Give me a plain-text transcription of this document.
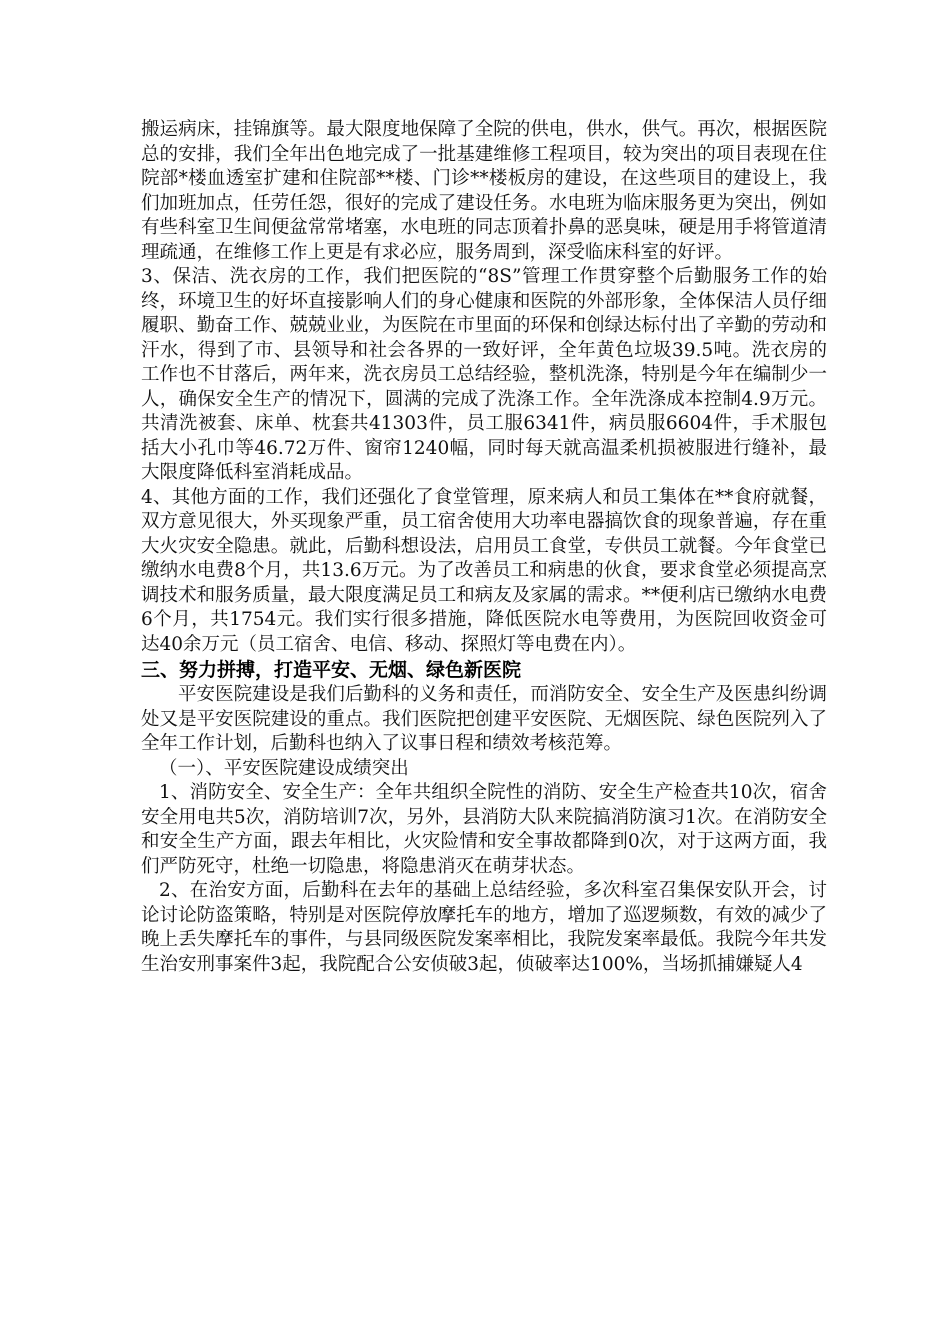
搬运病床，挂锦旗等。最大限度地保障了全院的供电，供水，供气。再次，根据医院总的安排，我们全年出色地完成了一批基建维修工程项目，较为突出的项目表现在住院部*楼血透室扩建和住院部**楼、门诊**楼板房的建设，在这些项目的建设上，我们加班加点，任劳任怨，很好的完成了建设任务。水电班为临床服务更为突出，例如有些科室卫生间便盆常常堵塞，水电班的同志顶着扑鼻的恶臭味，硬是用手将管道清理疏通，在维修工作上更是有求必应，服务周到，深受临床科室的好评。

3、保洁、洗衣房的工作，我们把医院的“8S”管理工作贯穿整个后勤服务工作的始终，环境卫生的好坏直接影响人们的身心健康和医院的外部形象，全体保洁人员仔细履职、勤奋工作、兢兢业业，为医院在市里面的环保和创绿达标付出了辛勤的劳动和汗水，得到了市、县领导和社会各界的一致好评，全年黄色垃圾39.5吨。洗衣房的工作也不甘落后，两年来，洗衣房员工总结经验，整机洗涤，特别是今年在编制少一人，确保安全生产的情况下，圆满的完成了洗涤工作。全年洗涤成本控制4.9万元。共清洗被套、床单、枕套共41303件，员工服6341件，病员服6604件，手术服包括大小孔巾等46.72万件、窗帘1240幅，同时每天就高温柔机损被服进行缝补，最大限度降低科室消耗成品。

4、其他方面的工作，我们还强化了食堂管理，原来病人和员工集体在**食府就餐，双方意见很大，外买现象严重，员工宿舍使用大功率电器搞饮食的现象普遍，存在重大火灾安全隐患。就此，后勤科想设法，启用员工食堂，专供员工就餐。今年食堂已缴纳水电费8个月，共13.6万元。为了改善员工和病患的伙食，要求食堂必须提高烹调技术和服务质量，最大限度满足员工和病友及家属的需求。**便利店已缴纳水电费6个月，共1754元。我们实行很多措施，降低医院水电等费用，为医院回收资金可达40余万元（员工宿舍、电信、移动、探照灯等电费在内）。

三、努力拼搏，打造平安、无烟、绿色新医院

平安医院建设是我们后勤科的义务和责任，而消防安全、安全生产及医患纠纷调处又是平安医院建设的重点。我们医院把创建平安医院、无烟医院、绿色医院列入了全年工作计划，后勤科也纳入了议事日程和绩效考核范筹。

（一）、平安医院建设成绩突出

1、消防安全、安全生产：全年共组织全院性的消防、安全生产检查共10次，宿舍安全用电共5次，消防培训7次，另外，县消防大队来院搞消防演习1次。在消防安全和安全生产方面，跟去年相比，火灾险情和安全事故都降到0次，对于这两方面，我们严防死守，杜绝一切隐患，将隐患消灭在萌芽状态。

2、在治安方面，后勤科在去年的基础上总结经验，多次科室召集保安队开会，讨论讨论防盗策略，特别是对医院停放摩托车的地方，增加了巡逻频数，有效的减少了晚上丢失摩托车的事件，与县同级医院发案率相比，我院发案率最低。我院今年共发生治安刑事案件3起，我院配合公安侦破3起，侦破率达100%，当场抓捕嫌疑人4
